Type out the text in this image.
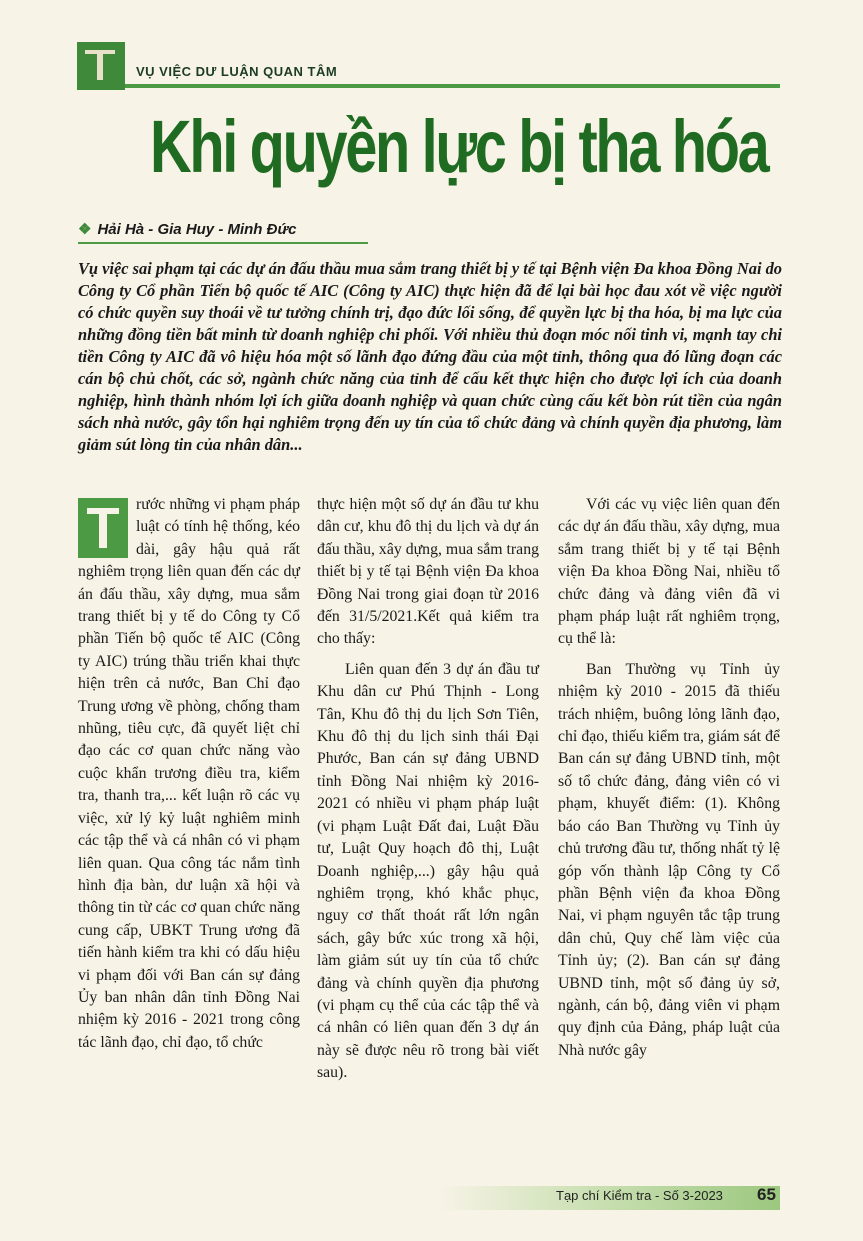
VỤ VIỆC DƯ LUẬN QUAN TÂM
Khi quyền lực bị tha hóa
❖ Hải Hà - Gia Huy - Minh Đức

Vụ việc sai phạm tại các dự án đấu thầu mua sắm trang thiết bị y tế tại Bệnh viện Đa khoa Đồng Nai do Công ty Cổ phần Tiến bộ quốc tế AIC (Công ty AIC) thực hiện đã để lại bài học đau xót về việc người có chức quyền suy thoái về tư tưởng chính trị, đạo đức lối sống, để quyền lực bị tha hóa, bị ma lực của những đồng tiền bất minh từ doanh nghiệp chi phối. Với nhiều thủ đoạn móc nối tinh vi, mạnh tay chi tiền Công ty AIC đã vô hiệu hóa một số lãnh đạo đứng đầu của một tỉnh, thông qua đó lũng đoạn các cán bộ chủ chốt, các sở, ngành chức năng của tỉnh để cấu kết thực hiện cho được lợi ích của doanh nghiệp, hình thành nhóm lợi ích giữa doanh nghiệp và quan chức cùng cấu kết bòn rút tiền của ngân sách nhà nước, gây tổn hại nghiêm trọng đến uy tín của tổ chức đảng và chính quyền địa phương, làm giảm sút lòng tin của nhân dân...

rước những vi phạm pháp luật có tính hệ thống, kéo dài, gây hậu quả rất nghiêm trọng liên quan đến các dự án đấu thầu, xây dựng, mua sắm trang thiết bị y tế do Công ty Cổ phần Tiến bộ quốc tế AIC (Công ty AIC) trúng thầu triển khai thực hiện trên cả nước, Ban Chỉ đạo Trung ương về phòng, chống tham nhũng, tiêu cực, đã quyết liệt chỉ đạo các cơ quan chức năng vào cuộc khẩn trương điều tra, kiểm tra, thanh tra,... kết luận rõ các vụ việc, xử lý kỷ luật nghiêm minh các tập thể và cá nhân có vi phạm liên quan. Qua công tác nắm tình hình địa bàn, dư luận xã hội và thông tin từ các cơ quan chức năng cung cấp, UBKT Trung ương đã tiến hành kiểm tra khi có dấu hiệu vi phạm đối với Ban cán sự đảng Ủy ban nhân dân tỉnh Đồng Nai nhiệm kỳ 2016 - 2021 trong công tác lãnh đạo, chỉ đạo, tổ chức

thực hiện một số dự án đầu tư khu dân cư, khu đô thị du lịch và dự án đấu thầu, xây dựng, mua sắm trang thiết bị y tế tại Bệnh viện Đa khoa Đồng Nai trong giai đoạn từ 2016 đến 31/5/2021.Kết quả kiểm tra cho thấy:

Liên quan đến 3 dự án đầu tư Khu dân cư Phú Thịnh - Long Tân, Khu đô thị du lịch Sơn Tiên, Khu đô thị du lịch sinh thái Đại Phước, Ban cán sự đảng UBND tỉnh Đồng Nai nhiệm kỳ 2016-2021 có nhiều vi phạm pháp luật (vi phạm Luật Đất đai, Luật Đầu tư, Luật Quy hoạch đô thị, Luật Doanh nghiệp,...) gây hậu quả nghiêm trọng, khó khắc phục, nguy cơ thất thoát rất lớn ngân sách, gây bức xúc trong xã hội, làm giảm sút uy tín của tổ chức đảng và chính quyền địa phương (vi phạm cụ thể của các tập thể và cá nhân có liên quan đến 3 dự án này sẽ được nêu rõ trong bài viết sau).

Với các vụ việc liên quan đến các dự án đấu thầu, xây dựng, mua sắm trang thiết bị y tế tại Bệnh viện Đa khoa Đồng Nai, nhiều tổ chức đảng và đảng viên đã vi phạm pháp luật rất nghiêm trọng, cụ thể là:

Ban Thường vụ Tỉnh ủy nhiệm kỳ 2010 - 2015 đã thiếu trách nhiệm, buông lỏng lãnh đạo, chỉ đạo, thiếu kiểm tra, giám sát để Ban cán sự đảng UBND tỉnh, một số tổ chức đảng, đảng viên có vi phạm, khuyết điểm: (1). Không báo cáo Ban Thường vụ Tỉnh ủy chủ trương đầu tư, thống nhất tỷ lệ góp vốn thành lập Công ty Cổ phần Bệnh viện đa khoa Đồng Nai, vi phạm nguyên tắc tập trung dân chủ, Quy chế làm việc của Tỉnh ủy; (2). Ban cán sự đảng UBND tỉnh, một số đảng ủy sở, ngành, cán bộ, đảng viên vi phạm quy định của Đảng, pháp luật của Nhà nước gây

Tạp chí Kiểm tra - Số 3-2023 65
